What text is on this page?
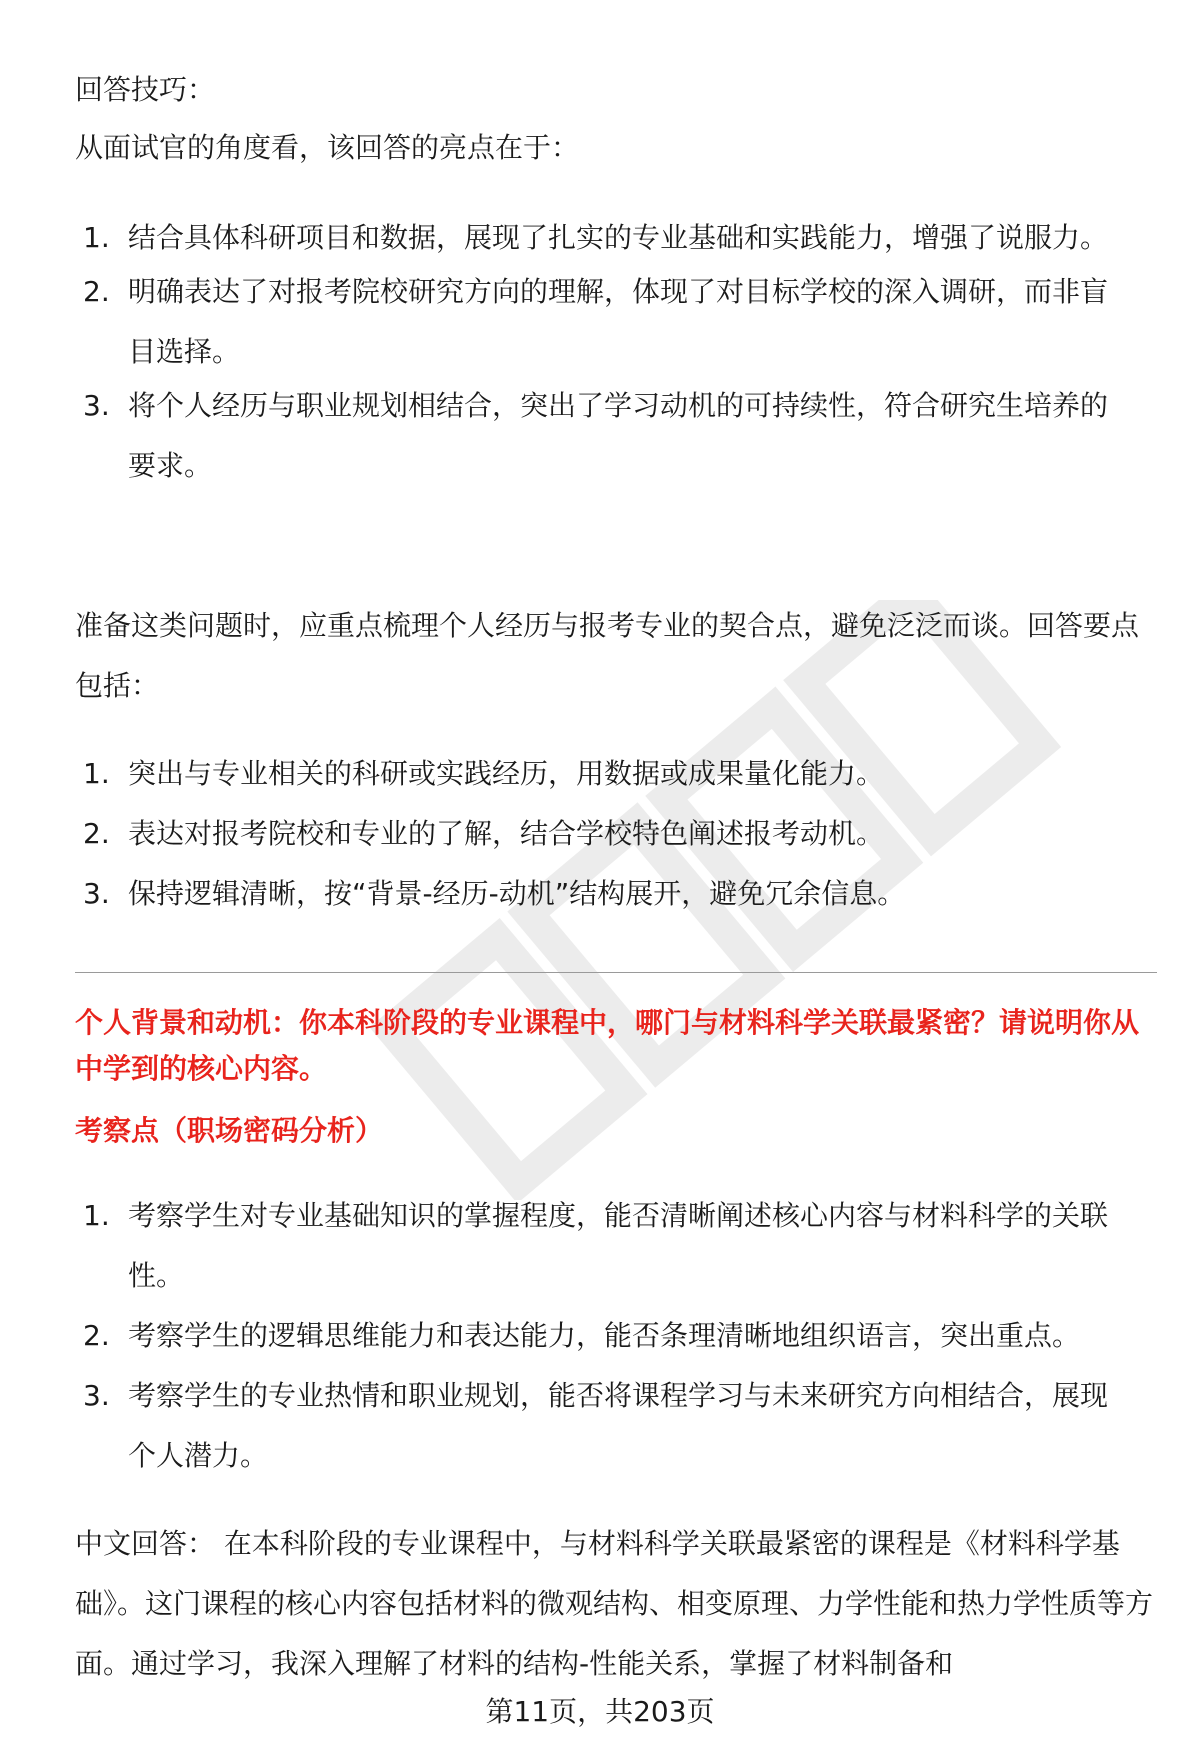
回答技巧：

从面试官的角度看，该回答的亮点在于：

1. 结合具体科研项目和数据，展现了扎实的专业基础和实践能力，增强了说服力。
2. 明确表达了对报考院校研究方向的理解，体现了对目标学校的深入调研，而非盲目选择。
3. 将个人经历与职业规划相结合，突出了学习动机的可持续性，符合研究生培养的要求。

准备这类问题时，应重点梳理个人经历与报考专业的契合点，避免泛泛而谈。回答要点包括：

1. 突出与专业相关的科研或实践经历，用数据或成果量化能力。
2. 表达对报考院校和专业的了解，结合学校特色阐述报考动机。
3. 保持逻辑清晰，按“背景-经历-动机”结构展开，避免冗余信息。

个人背景和动机：你本科阶段的专业课程中，哪门与材料科学关联最紧密？请说明你从中学到的核心内容。

考察点（职场密码分析）

1. 考察学生对专业基础知识的掌握程度，能否清晰阐述核心内容与材料科学的关联性。
2. 考察学生的逻辑思维能力和表达能力，能否条理清晰地组织语言，突出重点。
3. 考察学生的专业热情和职业规划，能否将课程学习与未来研究方向相结合，展现个人潜力。

中文回答： 在本科阶段的专业课程中，与材料科学关联最紧密的课程是《材料科学基础》。这门课程的核心内容包括材料的微观结构、相变原理、力学性能和热力学性质等方面。通过学习，我深入理解了材料的结构-性能关系，掌握了材料制备和

第11页，共203页
